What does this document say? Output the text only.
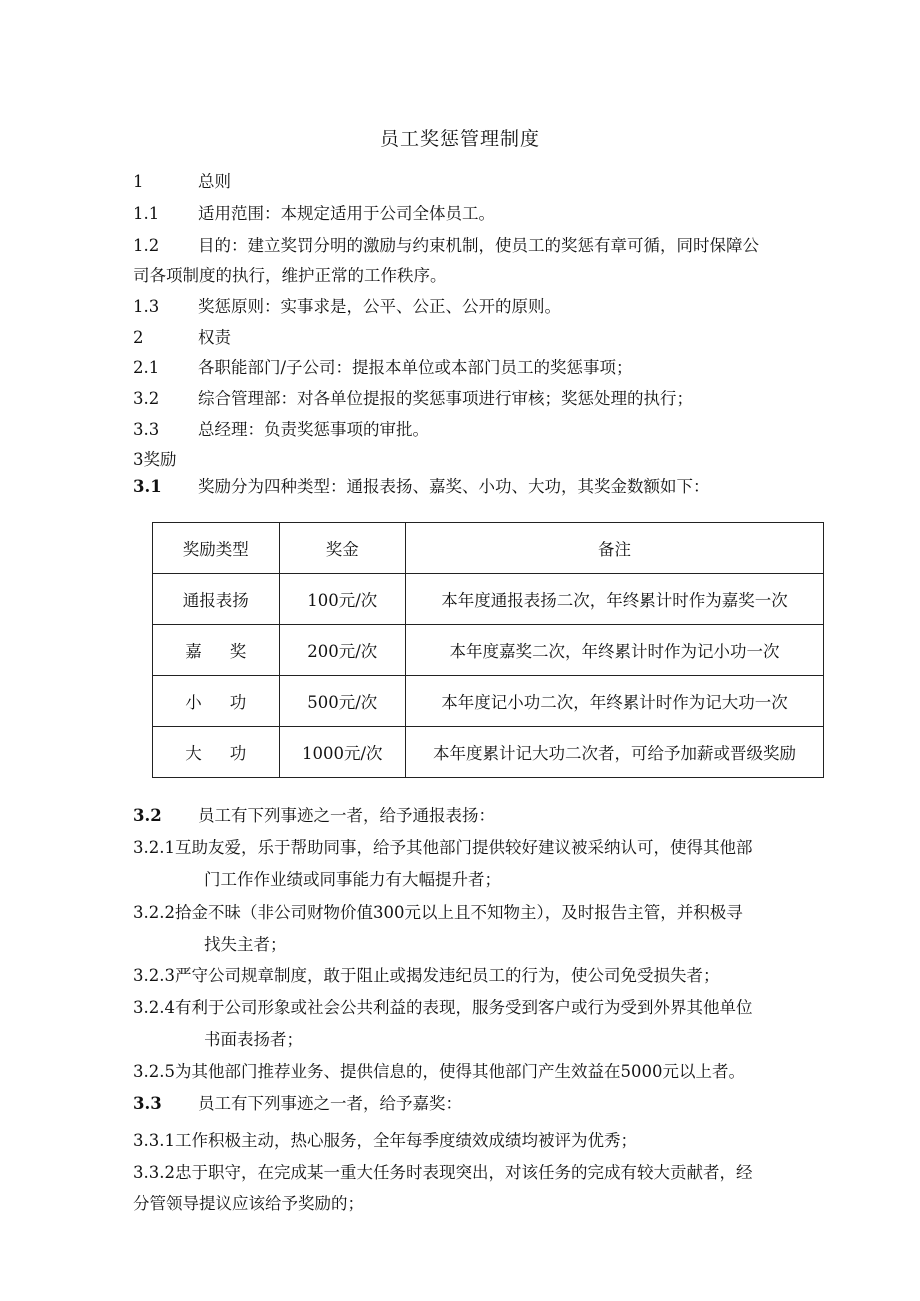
员工奖惩管理制度
1	总则
1.1 适用范围：本规定适用于公司全体员工。
1.2 目的：建立奖罚分明的激励与约束机制，使员工的奖惩有章可循，同时保障公
司各项制度的执行，维护正常的工作秩序。
1.3 奖惩原则：实事求是，公平、公正、公开的原则。
2	权责
2.1 各职能部门/子公司：提报本单位或本部门员工的奖惩事项；
3.2 综合管理部：对各单位提报的奖惩事项进行审核；奖惩处理的执行；
3.3 总经理：负责奖惩事项的审批。
3奖励
3.1 奖励分为四种类型：通报表扬、嘉奖、小功、大功，其奖金数额如下：
奖励类型	奖金	备注
通报表扬	100元/次	本年度通报表扬二次，年终累计时作为嘉奖一次
嘉奖	200元/次	本年度嘉奖二次，年终累计时作为记小功一次
小功	500元/次	本年度记小功二次，年终累计时作为记大功一次
大功	1000元/次	本年度累计记大功二次者，可给予加薪或晋级奖励
3.2 员工有下列事迹之一者，给予通报表扬：
3.2.1互助友爱，乐于帮助同事，给予其他部门提供较好建议被采纳认可，使得其他部
门工作作业绩或同事能力有大幅提升者；
3.2.2拾金不昧（非公司财物价值300元以上且不知物主），及时报告主管，并积极寻
找失主者；
3.2.3严守公司规章制度，敢于阻止或揭发违纪员工的行为，使公司免受损失者；
3.2.4有利于公司形象或社会公共利益的表现，服务受到客户或行为受到外界其他单位
书面表扬者；
3.2.5为其他部门推荐业务、提供信息的，使得其他部门产生效益在5000元以上者。
3.3 员工有下列事迹之一者，给予嘉奖：
3.3.1工作积极主动，热心服务，全年每季度绩效成绩均被评为优秀；
3.3.2忠于职守，在完成某一重大任务时表现突出，对该任务的完成有较大贡献者，经
分管领导提议应该给予奖励的；
